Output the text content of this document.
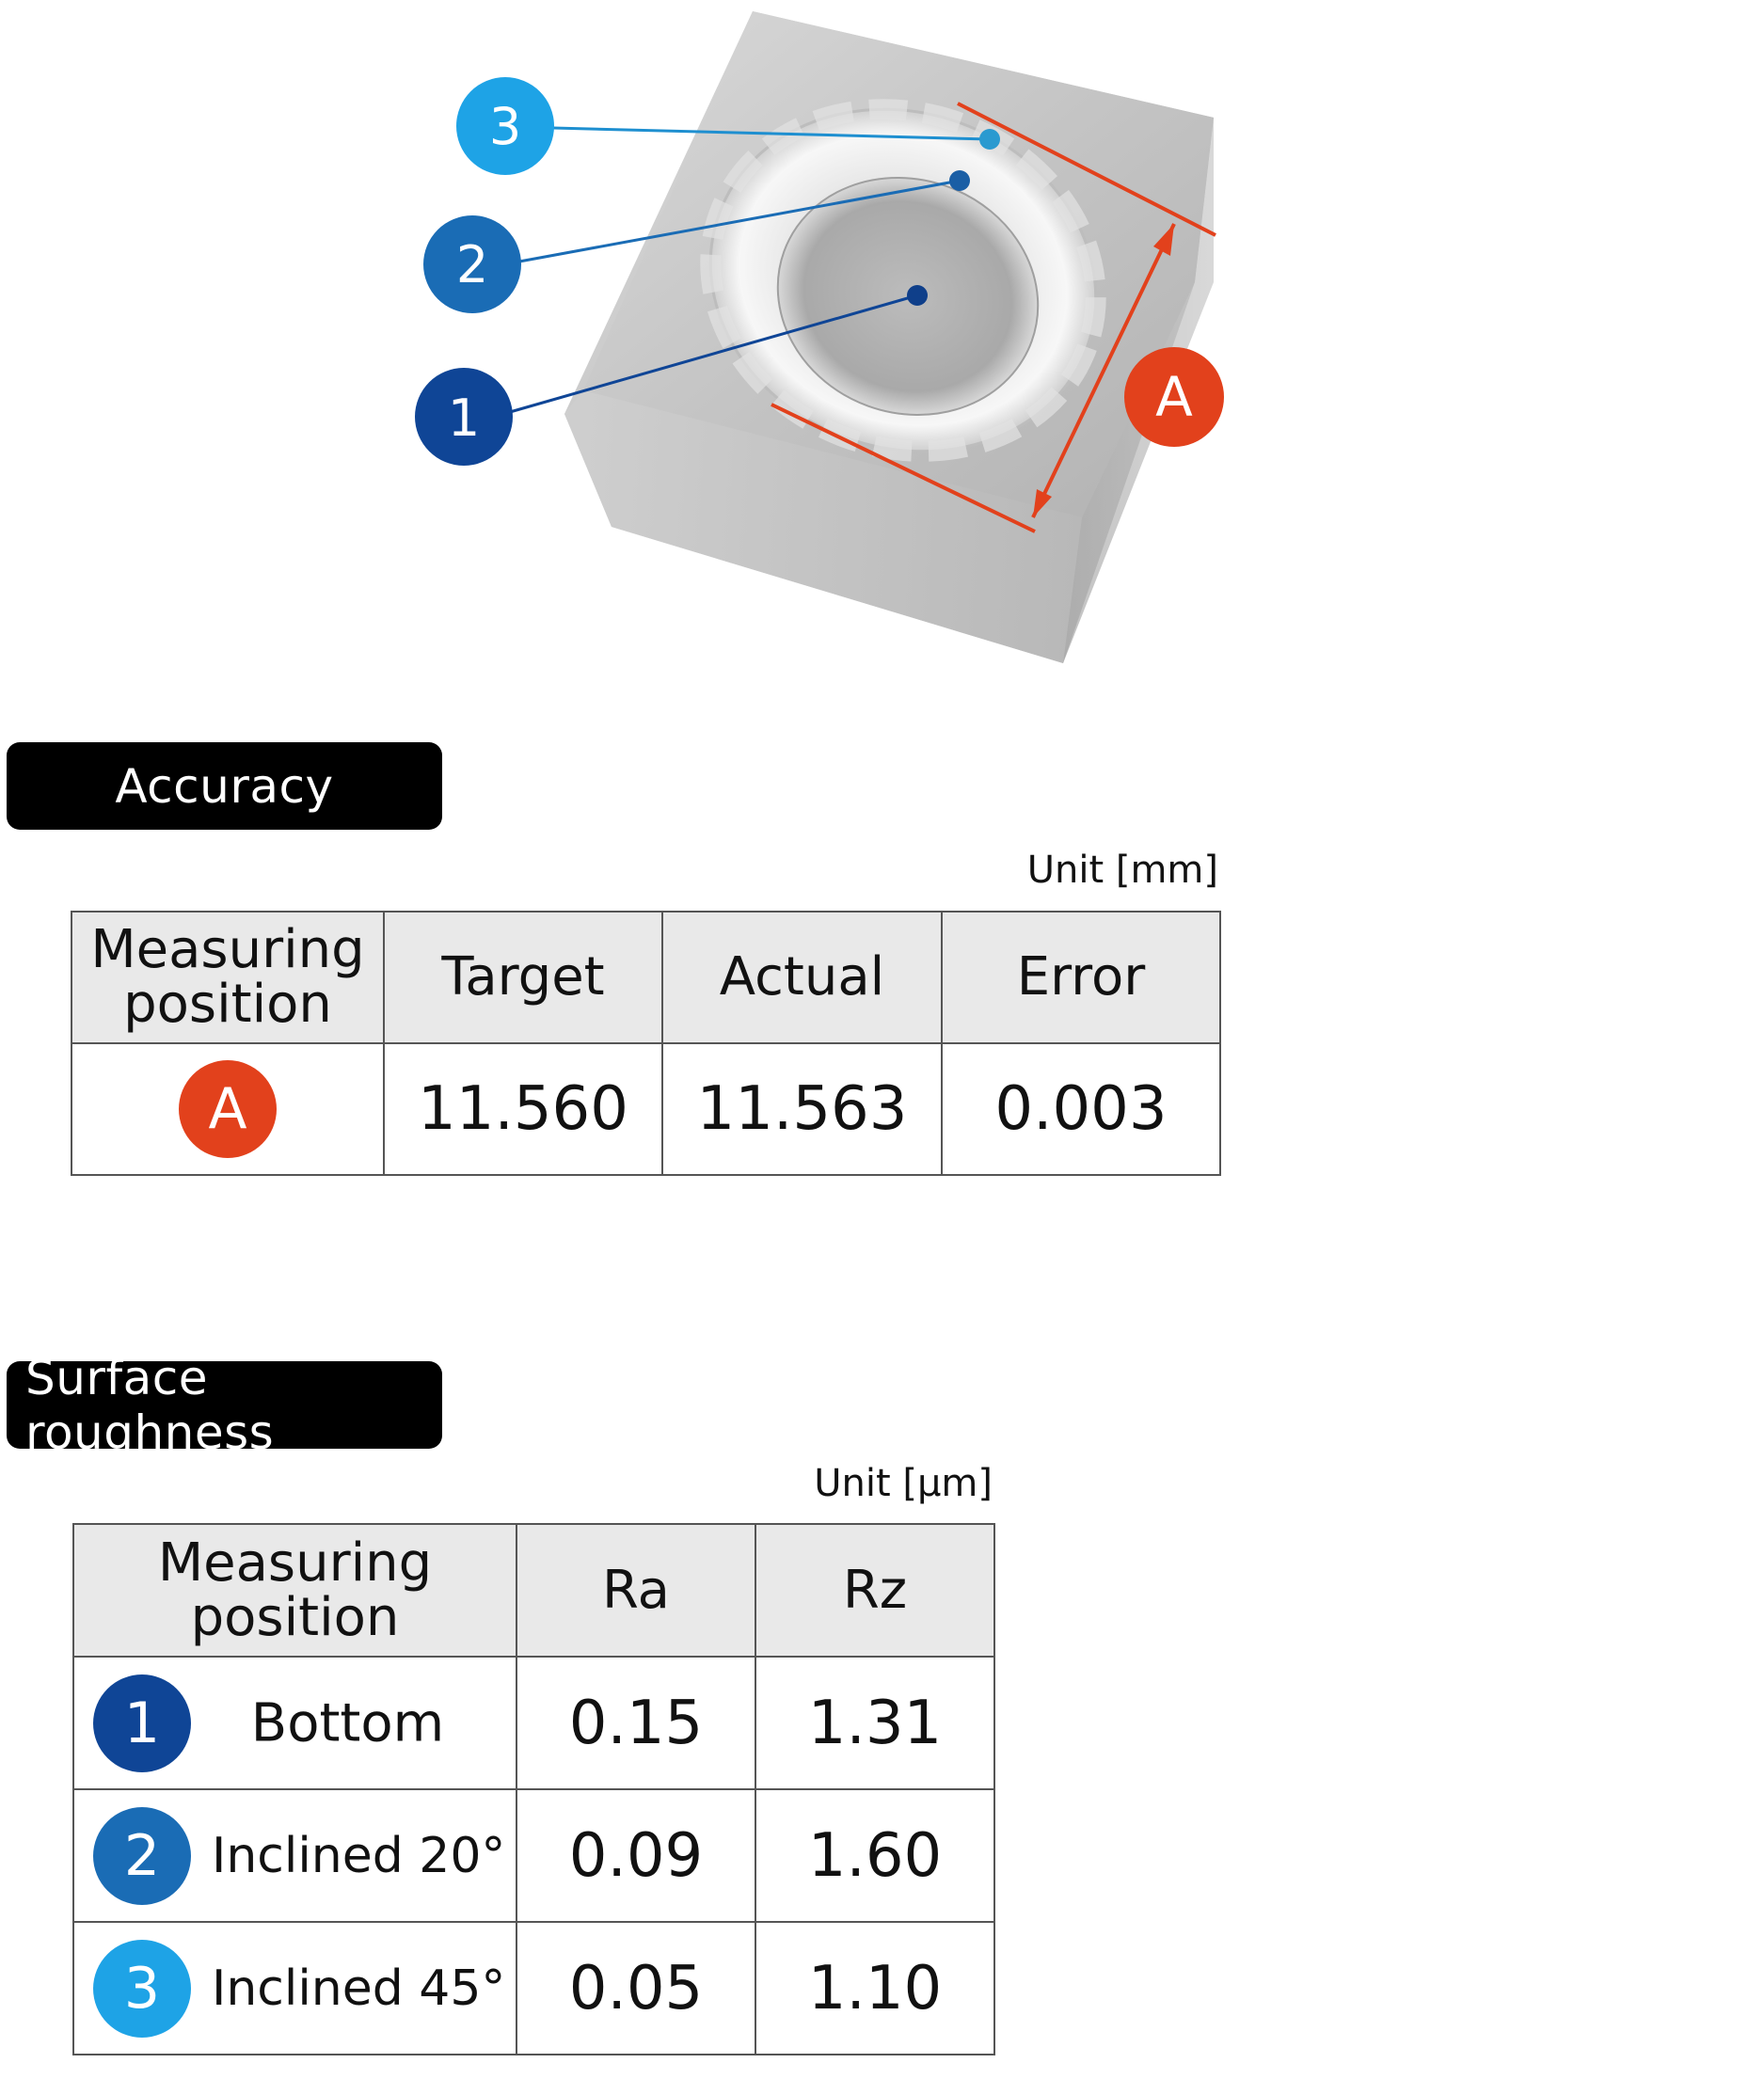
A
3
2
1
Accuracy
Unit [mm]
Measuring position	Target	Actual	Error
A	11.560	11.563	0.003
Surface roughness
Unit [μm]
Measuring position	Ra	Rz

1 Bottom	0.15	1.31

2 Inclined 20°	0.09	1.60

3 Inclined 45°	0.05	1.10
